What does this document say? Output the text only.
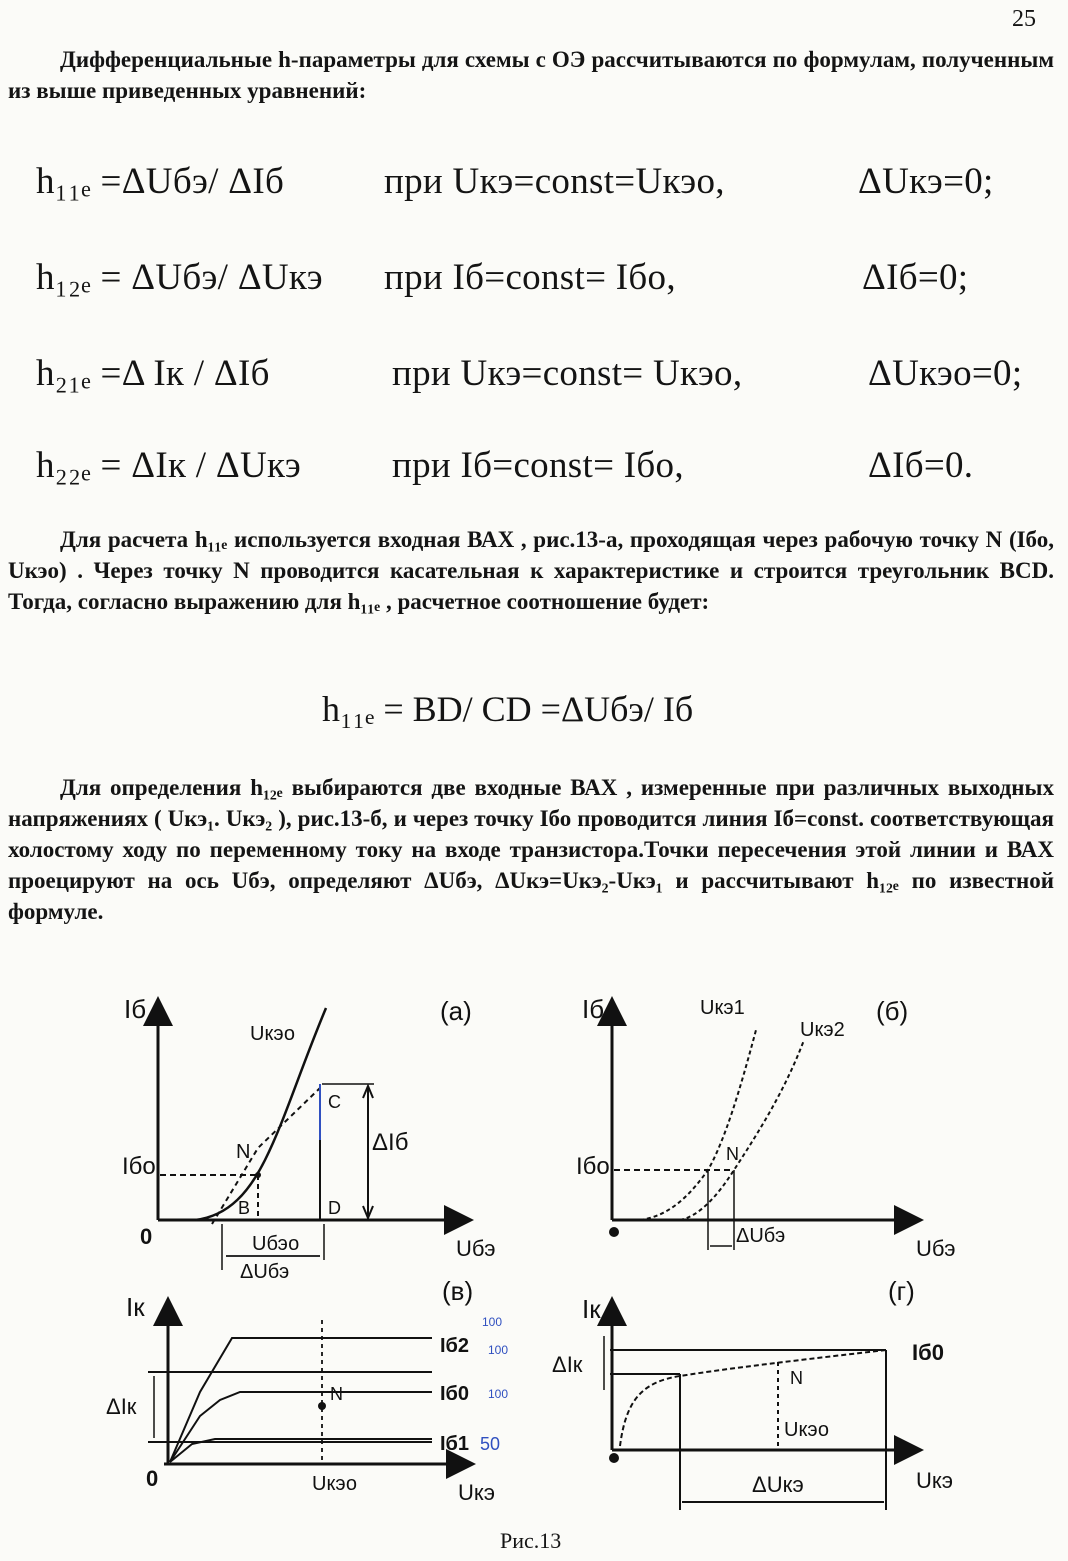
25

Дифференциальные h-параметры для схемы с ОЭ рассчитываются по формулам, полученным из выше приведенных уравнений:

h₁₁ₑ =ΔUбэ/ ΔIб	при Uкэ=const=Uкэо,	ΔUкэ=0;
h₁₂ₑ = ΔUбэ/ ΔUкэ при Iб=const= Iбо,	ΔIб=0;
h₂₁ₑ =Δ Iк / ΔIб	при Uкэ=const= Uкэо,	ΔUкэо=0;
h₂₂ₑ = ΔIк / ΔUкэ при Iб=const= Iбо,	ΔIб=0.

Для расчета h₁₁ₑ используется входная ВАХ , рис.13-а, проходящая через рабочую точку N (Iбо, Uкэо) . Через точку N проводится касательная к характеристике и строится треугольник BCD. Тогда, согласно выражению для h₁₁ₑ , расчетное соотношение будет:

h₁₁ₑ = BD/ CD =ΔUбэ/ Iб

Для определения h₁₂ₑ выбираются две входные ВАХ , измеренные при различных выходных напряжениях ( Uкэ₁. Uкэ₂ ), рис.13-б, и через точку Iбо проводится линия Iб=const. соответствующая холостому ходу по переменному току на входе транзистора.Точки пересечения этой линии и ВАХ проецируют на ось Uбэ, определяют ΔUбэ, ΔUкэ=Uкэ₂-Uкэ₁ и рассчитывают h₁₂ₑ по известной формуле.

Iб
Uбэ
0
(а)
Uкэо
Iбо
N
B
C
D
ΔIб
Uбэо
ΔUбэ
Iб
Uбэ
(б)
Uкэ1
Uкэ2
Iбо	N
ΔUбэ
Iк
Uкэ
0
(в)
ΔIк	N
Uкэо
Iб2
Iб0
Iб1
100
100
100
50
Iк
Uкэ
(г)
ΔIк	Iб0
N
Uкэо
ΔUкэ
Рис.13
